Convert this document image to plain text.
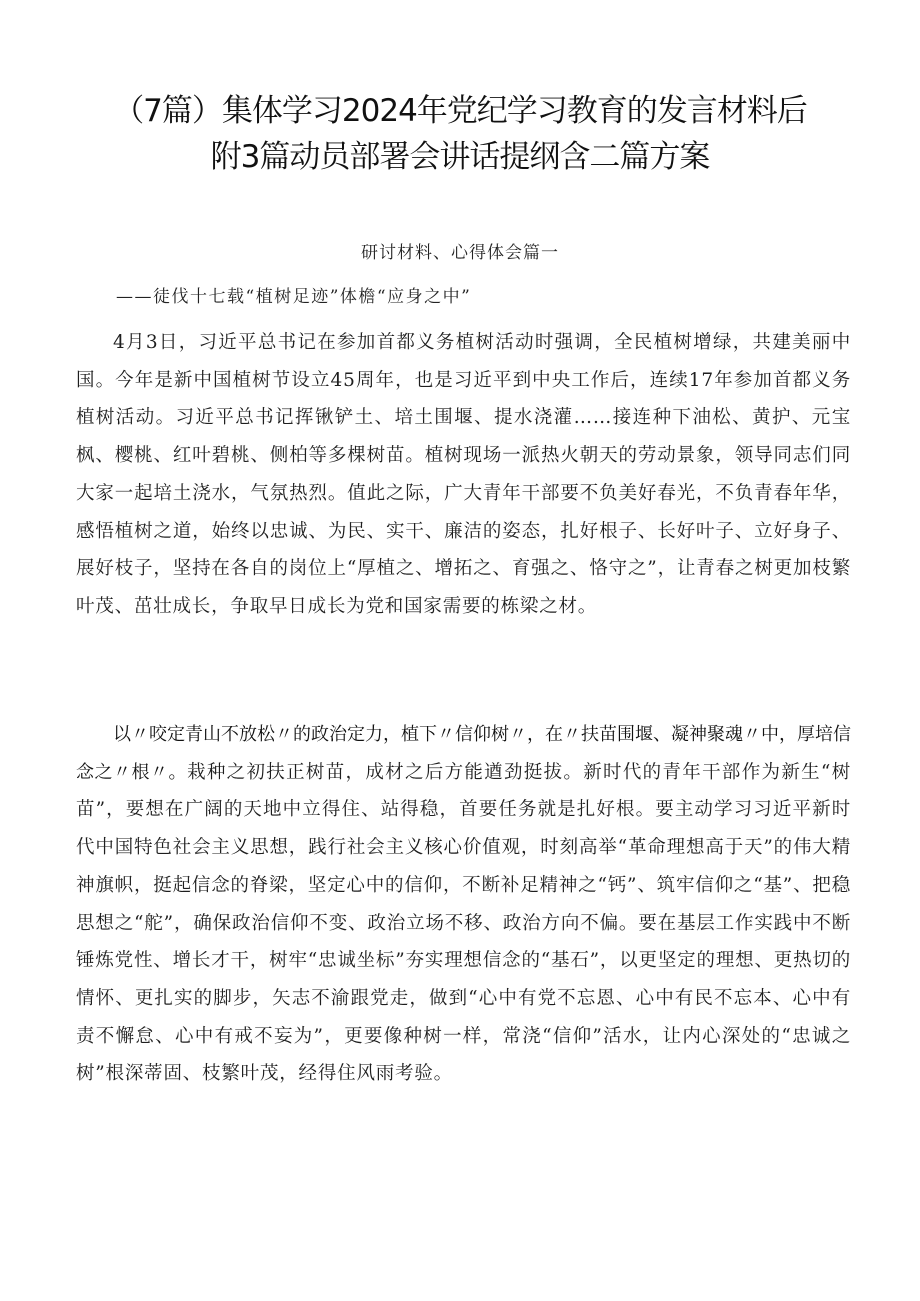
（7篇）集体学习2024年党纪学习教育的发言材料后
附3篇动员部署会讲话提纲含二篇方案
研讨材料、心得体会篇一
——徒伐十七载“植树足迹”体檐“应身之中”

4月3日，习近平总书记在参加首都义务植树活动时强调，全民植树增绿，共建美丽中国。今年是新中国植树节设立45周年，也是习近平到中央工作后，连续17年参加首都义务植树活动。习近平总书记挥锹铲土、培土围堰、提水浇灌……接连种下油松、黄护、元宝枫、樱桃、红叶碧桃、侧柏等多棵树苗。植树现场一派热火朝天的劳动景象，领导同志们同大家一起培土浇水，气氛热烈。值此之际，广大青年干部要不负美好春光，不负青春年华，感悟植树之道，始终以忠诚、为民、实干、廉洁的姿态，扎好根子、长好叶子、立好身子、展好枝子，坚持在各自的岗位上“厚植之、增拓之、育强之、恪守之”，让青春之树更加枝繁叶茂、茁壮成长，争取早日成长为党和国家需要的栋梁之材。

以〃咬定青山不放松〃的政治定力，植下〃信仰树〃，在〃扶苗围堰、凝神聚魂〃中，厚培信念之〃根〃。栽种之初扶正树苗，成材之后方能遒劲挺拔。新时代的青年干部作为新生“树苗”，要想在广阔的天地中立得住、站得稳，首要任务就是扎好根。要主动学习习近平新时代中国特色社会主义思想，践行社会主义核心价值观，时刻高举“革命理想高于天”的伟大精神旗帜，挺起信念的脊梁，坚定心中的信仰，不断补足精神之“钙”、筑牢信仰之“基”、把稳思想之“舵”，确保政治信仰不变、政治立场不移、政治方向不偏。要在基层工作实践中不断锤炼党性、增长才干，树牢“忠诚坐标”夯实理想信念的“基石”，以更坚定的理想、更热切的情怀、更扎实的脚步，矢志不渝跟党走，做到“心中有党不忘恩、心中有民不忘本、心中有责不懈怠、心中有戒不妄为”，更要像种树一样，常浇“信仰”活水，让内心深处的“忠诚之树”根深蒂固、枝繁叶茂，经得住风雨考验。
